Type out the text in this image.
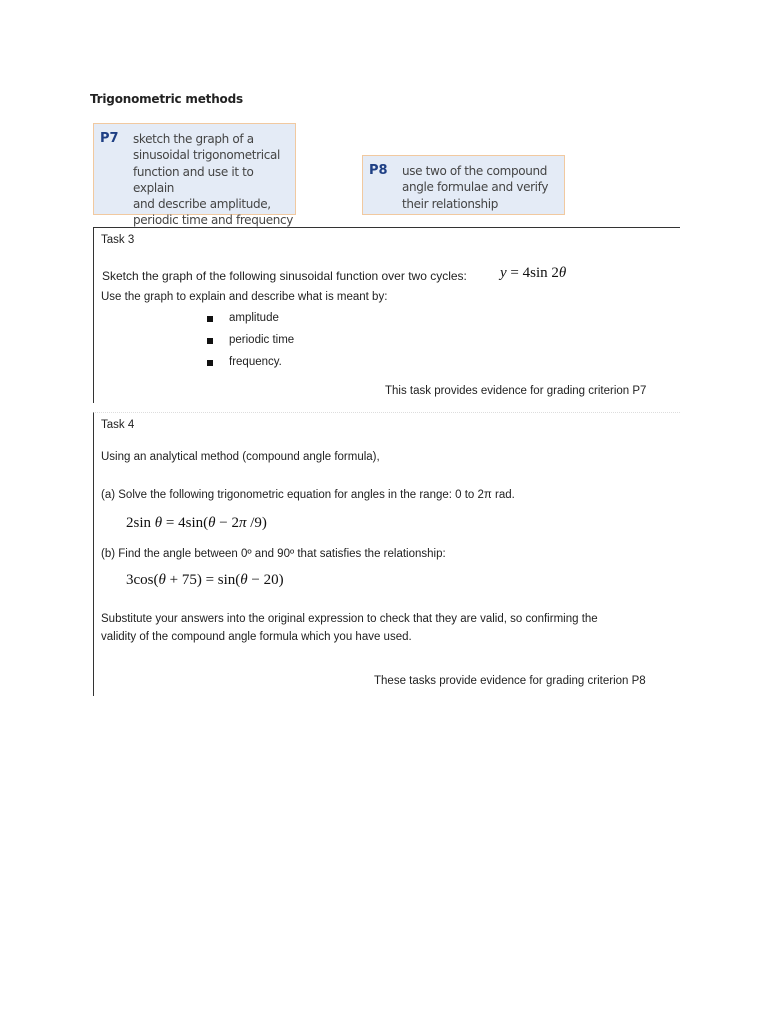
Trigonometric methods
P7 sketch the graph of a
sinusoidal trigonometrical
function and use it to explain
and describe amplitude,
periodic time and frequency
P8 use two of the compound
angle formulae and verify
their relationship
Task 3
Sketch the graph of the following sinusoidal function over two cycles: y = 4sin 2θ
Use the graph to explain and describe what is meant by:
amplitude
periodic time
frequency.
This task provides evidence for grading criterion P7
Task 4
Using an analytical method (compound angle formula),
(a) Solve the following trigonometric equation for angles in the range: 0 to 2π rad.
2sin θ = 4sin(θ − 2π /9)
(b) Find the angle between 0º and 90º that satisfies the relationship:
3cos(θ + 75) = sin(θ − 20)
Substitute your answers into the original expression to check that they are valid, so confirming the
validity of the compound angle formula which you have used.
These tasks provide evidence for grading criterion P8
